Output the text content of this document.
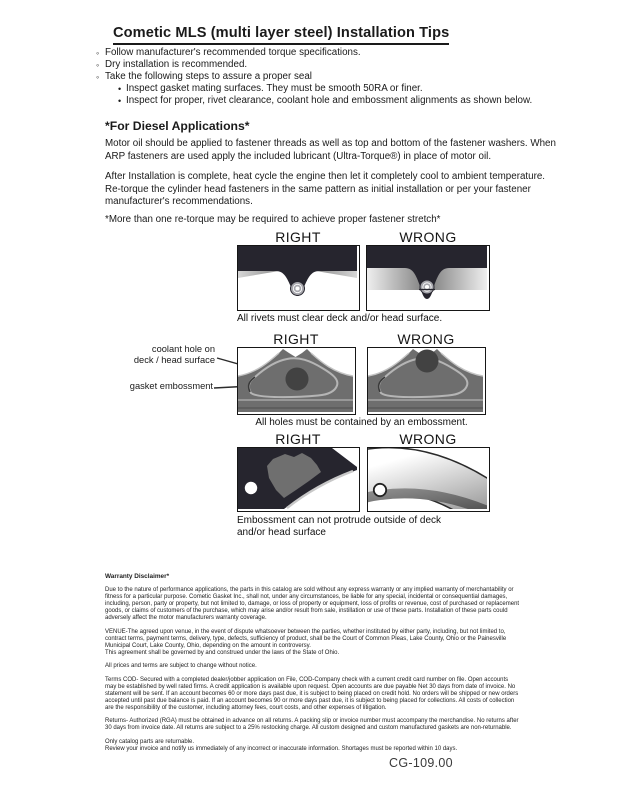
Cometic MLS (multi layer steel) Installation Tips
◦ Follow manufacturer's recommended torque specifications.
◦ Dry installation is recommended.
◦ Take the following steps to assure a proper seal
• Inspect gasket mating surfaces. They must be smooth 50RA or finer.
• Inspect for proper, rivet clearance, coolant hole and embossment alignments as shown below.
*For Diesel Applications*
Motor oil should be applied to fastener threads as well as top and bottom of the fastener washers. When ARP fasteners are used apply the included lubricant (Ultra-Torque®) in place of motor oil.
After Installation is complete, heat cycle the engine then let it completely cool to ambient temperature. Re-torque the cylinder head fasteners in the same pattern as initial installation or per your fastener manufacturer's recommendations.
*More than one re-torque may be required to achieve proper fastener stretch*
RIGHT	WRONG
All rivets must clear deck and/or head surface.
RIGHT	WRONG
coolant hole on
deck / head surface
gasket embossment
All holes must be contained by an embossment.
RIGHT	WRONG
Embossment can not protrude outside of deck
and/or head surface
Warranty Disclaimer*

Due to the nature of performance applications, the parts in this catalog are sold without any express warranty or any implied warranty of merchantability or fitness for a particular purpose. Cometic Gasket Inc., shall not, under any circumstances, be liable for any special, incidental or consequential damages, including, person, party or property, but not limited to, damage, or loss of property or equipment, loss of profits or revenue, cost of purchased or replacement goods, or claims of customers of the purchase, which may arise and/or result from sale, instillation or use of these parts. Installation of these parts could adversely affect the motor manufacturers warranty coverage.

VENUE-The agreed upon venue, in the event of dispute whatsoever between the parties, whether instituted by either party, including, but not limited to, contract terms, payment terms, delivery, type, defects, sufficiency of product, shall be the Court of Common Pleas, Lake County, Ohio or the Painesville Municipal Court, Lake County, Ohio, depending on the amount in controversy.

This agreement shall be governed by and construed under the laws of the State of Ohio.

All prices and terms are subject to change without notice.

Terms COD- Secured with a completed dealer/jobber application on File, COD-Company check with a current credit card number on file. Open accounts may be established by well rated firms. A credit application is available upon request. Open accounts are due payable Net 30 days from date of invoice. No statement will be sent. If an account becomes 60 or more days past due, it is subject to being placed on credit hold. No orders will be shipped or new orders accepted until past due balance is paid. If an account becomes 90 or more days past due, it is subject to being placed for collections. All costs of collection are the responsibility of the customer, including attorney fees, court costs, and other expenses of litigation.

Returns- Authorized (RGA) must be obtained in advance on all returns. A packing slip or invoice number must accompany the merchandise. No returns after 30 days from invoice date. All returns are subject to a 25% restocking charge. All custom designed and custom manufactured gaskets are non-returnable.

Only catalog parts are returnable.

Review your invoice and notify us immediately of any incorrect or inaccurate information. Shortages must be reported within 10 days.

CG-109.00
